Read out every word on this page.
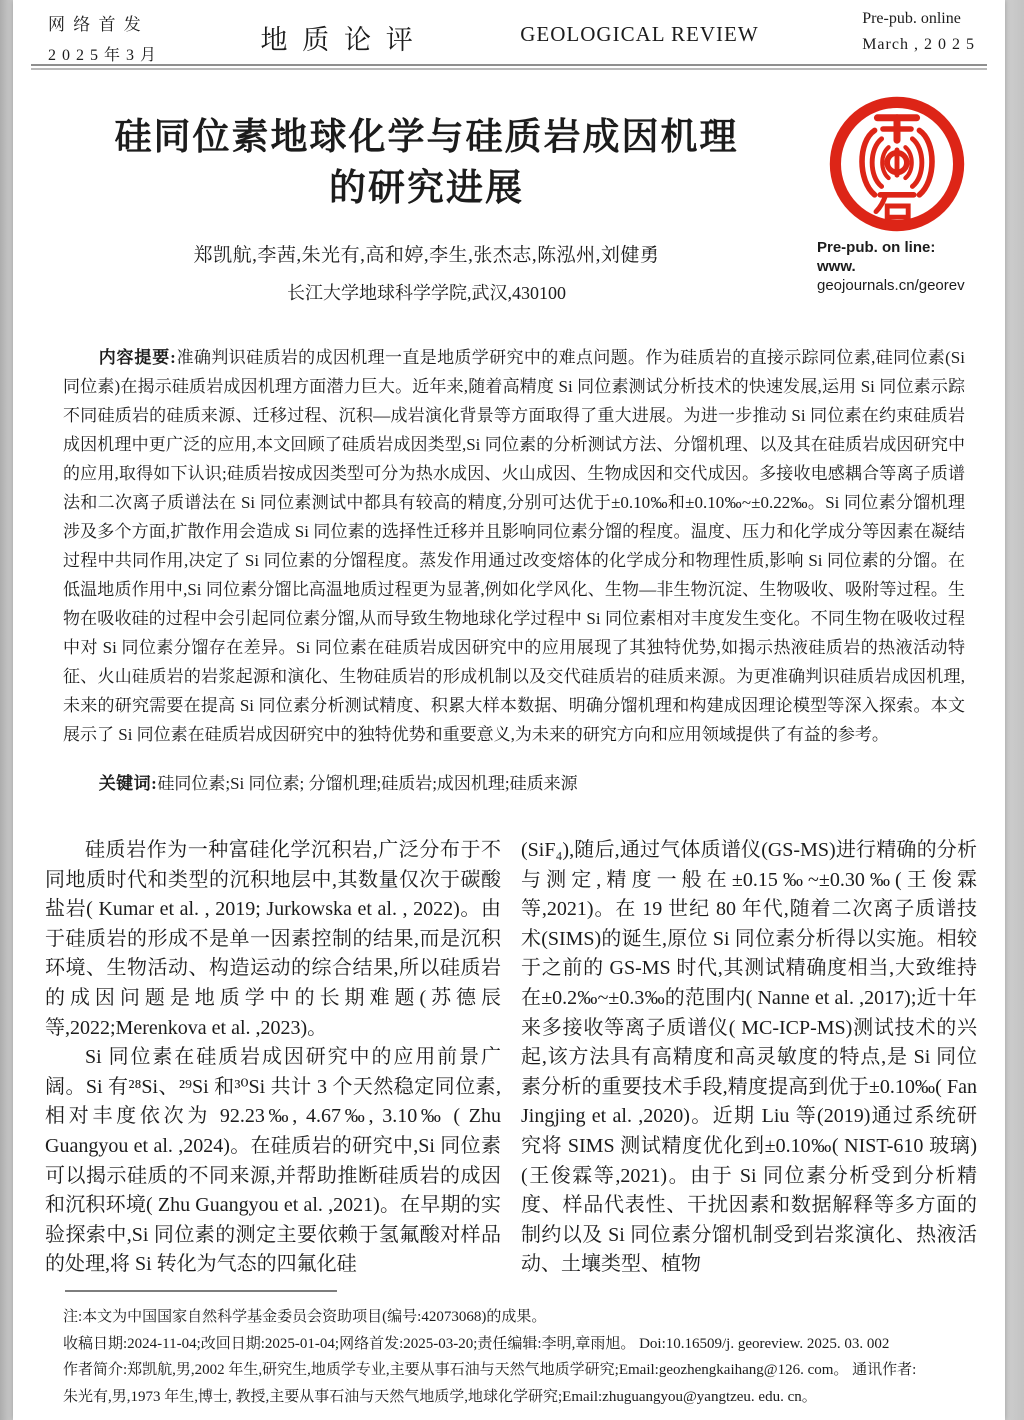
网 络 首 发
2 0 2 5 年 3 月
地 质 论 评	GEOLOGICAL REVIEW
Pre-pub. online
March , 2 0 2 5
硅同位素地球化学与硅质岩成因机理
的研究进展
郑凯航,李茜,朱光有,高和婷,李生,张杰志,陈泓州,刘健勇
长江大学地球科学学院,武汉,430100
Pre-pub. on line: www.
geojournals.cn/georev

内容提要:准确判识硅质岩的成因机理一直是地质学研究中的难点问题。作为硅质岩的直接示踪同位素,硅同位素(Si 同位素)在揭示硅质岩成因机理方面潜力巨大。近年来,随着高精度 Si 同位素测试分析技术的快速发展,运用 Si 同位素示踪不同硅质岩的硅质来源、迁移过程、沉积—成岩演化背景等方面取得了重大进展。为进一步推动 Si 同位素在约束硅质岩成因机理中更广泛的应用,本文回顾了硅质岩成因类型,Si 同位素的分析测试方法、分馏机理、以及其在硅质岩成因研究中的应用,取得如下认识;硅质岩按成因类型可分为热水成因、火山成因、生物成因和交代成因。多接收电感耦合等离子质谱法和二次离子质谱法在 Si 同位素测试中都具有较高的精度,分别可达优于±0.10‰和±0.10‰~±0.22‰。Si 同位素分馏机理涉及多个方面,扩散作用会造成 Si 同位素的选择性迁移并且影响同位素分馏的程度。温度、压力和化学成分等因素在凝结过程中共同作用,决定了 Si 同位素的分馏程度。蒸发作用通过改变熔体的化学成分和物理性质,影响 Si 同位素的分馏。在低温地质作用中,Si 同位素分馏比高温地质过程更为显著,例如化学风化、生物—非生物沉淀、生物吸收、吸附等过程。生物在吸收硅的过程中会引起同位素分馏,从而导致生物地球化学过程中 Si 同位素相对丰度发生变化。不同生物在吸收过程中对 Si 同位素分馏存在差异。Si 同位素在硅质岩成因研究中的应用展现了其独特优势,如揭示热液硅质岩的热液活动特征、火山硅质岩的岩浆起源和演化、生物硅质岩的形成机制以及交代硅质岩的硅质来源。为更准确判识硅质岩成因机理,未来的研究需要在提高 Si 同位素分析测试精度、积累大样本数据、明确分馏机理和构建成因理论模型等深入探索。本文展示了 Si 同位素在硅质岩成因研究中的独特优势和重要意义,为未来的研究方向和应用领域提供了有益的参考。

关键词:硅同位素;Si 同位素; 分馏机理;硅质岩;成因机理;硅质来源

硅质岩作为一种富硅化学沉积岩,广泛分布于不同地质时代和类型的沉积地层中,其数量仅次于碳酸盐岩( Kumar et al. , 2019; Jurkowska et al. , 2022)。由于硅质岩的形成不是单一因素控制的结果,而是沉积环境、生物活动、构造运动的综合结果,所以硅质岩的成因问题是地质学中的长期难题(苏德辰等,2022;Merenkova et al. ,2023)。

Si 同位素在硅质岩成因研究中的应用前景广阔。Si 有²⁸Si、²⁹Si 和³⁰Si 共计 3 个天然稳定同位素,相对丰度依次为 92.23‰, 4.67‰, 3.10‰ ( Zhu Guangyou et al. ,2024)。在硅质岩的研究中,Si 同位素可以揭示硅质的不同来源,并帮助推断硅质岩的成因和沉积环境( Zhu Guangyou et al. ,2021)。在早期的实验探索中,Si 同位素的测定主要依赖于氢氟酸对样品的处理,将 Si 转化为气态的四氟化硅

(SiF₄),随后,通过气体质谱仪(GS-MS)进行精确的分析与测定,精度一般在±0.15‰~±0.30‰(王俊霖等,2021)。在 19 世纪 80 年代,随着二次离子质谱技术(SIMS)的诞生,原位 Si 同位素分析得以实施。相较于之前的 GS-MS 时代,其测试精确度相当,大致维持在±0.2‰~±0.3‰的范围内( Nanne et al. ,2017);近十年来多接收等离子质谱仪( MC-ICP-MS)测试技术的兴起,该方法具有高精度和高灵敏度的特点,是 Si 同位素分析的重要技术手段,精度提高到优于±0.10‰( Fan Jingjing et al. ,2020)。近期 Liu 等(2019)通过系统研究将 SIMS 测试精度优化到±0.10‰( NIST-610 玻璃)(王俊霖等,2021)。由于 Si 同位素分析受到分析精度、样品代表性、干扰因素和数据解释等多方面的制约以及 Si 同位素分馏机制受到岩浆演化、热液活动、土壤类型、植物

注:本文为中国国家自然科学基金委员会资助项目(编号:42073068)的成果。
收稿日期:2024-11-04;改回日期:2025-01-04;网络首发:2025-03-20;责任编辑:李明,章雨旭。 Doi:10.16509/j. georeview. 2025. 03. 002
作者简介:郑凯航,男,2002 年生,研究生,地质学专业,主要从事石油与天然气地质学研究;Email:geozhengkaihang@126. com。 通讯作者:
朱光有,男,1973 年生,博士, 教授,主要从事石油与天然气地质学,地球化学研究;Email:zhuguangyou@yangtzeu. edu. cn。
